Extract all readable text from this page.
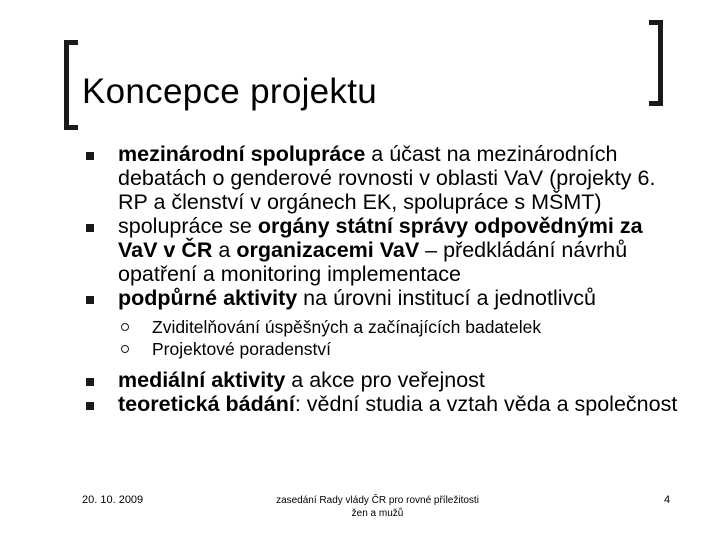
Koncepce projektu
mezinárodní spolupráce a účast na mezinárodních debatách o genderové rovnosti v oblasti VaV (projekty 6. RP a členství v orgánech EK, spolupráce s MŠMT)
spolupráce se orgány státní správy odpovědnými za VaV v ČR a organizacemi VaV – předkládání návrhů opatření a monitoring implementace
podpůrné aktivity na úrovni institucí a jednotlivců
Zviditelňování úspěšných a začínajících badatelek
Projektové poradenství
mediální aktivity a akce pro veřejnost
teoretická bádání: vědní studia a vztah věda a společnost
20. 10. 2009	zasedání Rady vlády ČR pro rovné příležitosti žen a mužů
4
